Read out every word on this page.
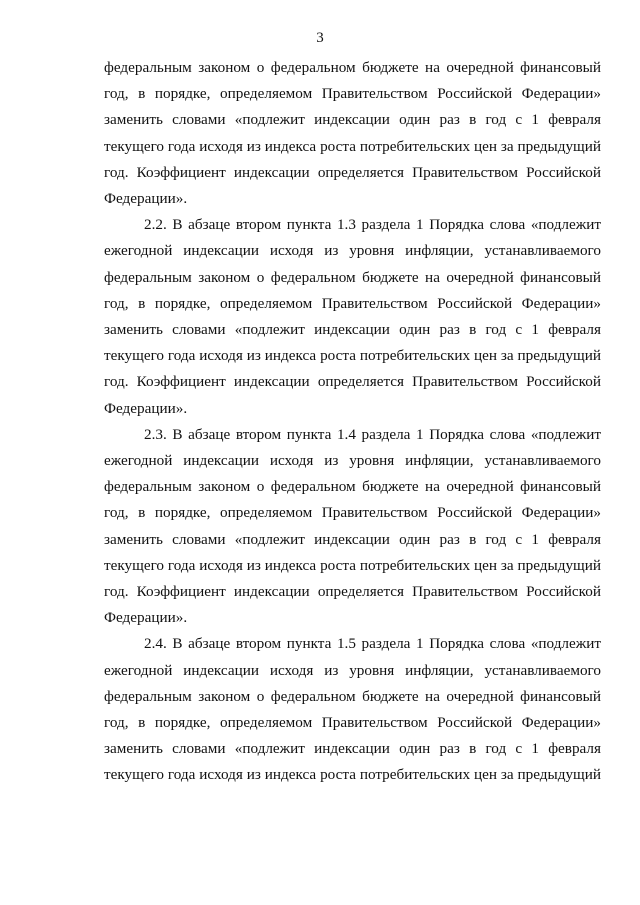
3

федеральным законом о федеральном бюджете на очередной финансовый
год, в порядке, определяемом Правительством Российской Федерации»
заменить словами «подлежит индексации один раз в год с 1 февраля
текущего года исходя из индекса роста потребительских цен за предыдущий
год. Коэффициент индексации определяется Правительством Российской
Федерации».

2.2. В абзаце втором пункта 1.3 раздела 1 Порядка слова «подлежит
ежегодной индексации исходя из уровня инфляции, устанавливаемого
федеральным законом о федеральном бюджете на очередной финансовый
год, в порядке, определяемом Правительством Российской Федерации»
заменить словами «подлежит индексации один раз в год с 1 февраля
текущего года исходя из индекса роста потребительских цен за предыдущий
год. Коэффициент индексации определяется Правительством Российской
Федерации».

2.3. В абзаце втором пункта 1.4 раздела 1 Порядка слова «подлежит
ежегодной индексации исходя из уровня инфляции, устанавливаемого
федеральным законом о федеральном бюджете на очередной финансовый
год, в порядке, определяемом Правительством Российской Федерации»
заменить словами «подлежит индексации один раз в год с 1 февраля
текущего года исходя из индекса роста потребительских цен за предыдущий
год. Коэффициент индексации определяется Правительством Российской
Федерации».

2.4. В абзаце втором пункта 1.5 раздела 1 Порядка слова «подлежит
ежегодной индексации исходя из уровня инфляции, устанавливаемого
федеральным законом о федеральном бюджете на очередной финансовый
год, в порядке, определяемом Правительством Российской Федерации»
заменить словами «подлежит индексации один раз в год с 1 февраля
текущего года исходя из индекса роста потребительских цен за предыдущий
